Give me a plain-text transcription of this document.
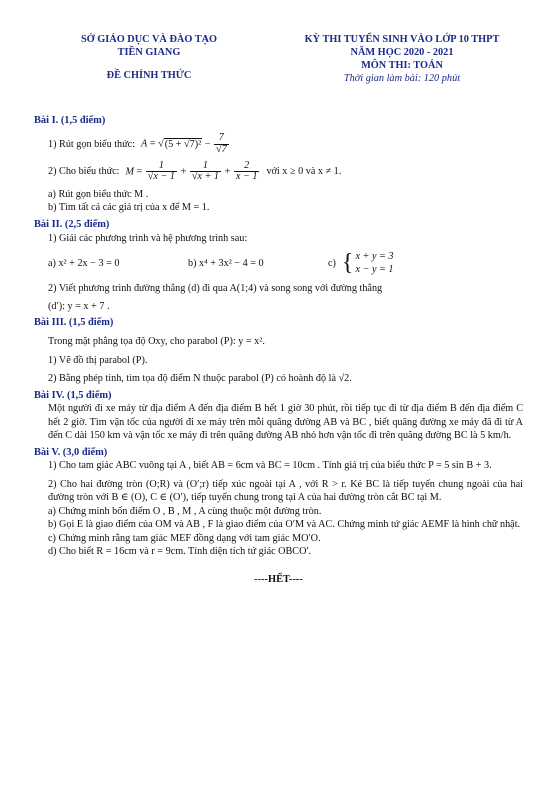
SỞ GIÁO DỤC VÀ ĐÀO TẠO
TIỀN GIANG
ĐỀ CHÍNH THỨC
KỲ THI TUYỂN SINH VÀO LỚP 10 THPT
NĂM HỌC 2020 - 2021
MÔN THI: TOÁN
Thời gian làm bài: 120 phút
Bài I. (1,5 điểm)
1) Rút gọn biểu thức: $A = √(5 + √7)^2 - \frac{7}{√7}$
2) Cho biểu thức: $M = \frac{1}{√x - 1} + \frac{1}{√x + 1} + \frac{2}{x - 1}$ với x ≥ 0 và x ≠ 1.
a) Rút gọn biểu thức M .
b) Tìm tất cả các giá trị của x để M = 1.
Bài II. (2,5 điểm)
1) Giải các phương trình và hệ phương trình sau:
a) x² + 2x − 3 = 0	b) x⁴ + 3x² − 4 = 0	c) { x + y = 3
x − y = 1
2) Viết phương trình đường thẳng (d) đi qua A(1;4) và song song với đường thẳng
(d′): y = x + 7 .
Bài III. (1,5 điểm)
Trong mặt phẳng tọa độ Oxy, cho parabol (P): y = x².
1) Vẽ đồ thị parabol (P).
2) Bằng phép tính, tìm tọa độ điểm N thuộc parabol (P) có hoành độ là √2.
Bài IV. (1,5 điểm)
Một người đi xe máy từ địa điểm A đến địa điểm B hết 1 giờ 30 phút, rồi tiếp tục đi từ địa điểm B đến địa điểm C hết 2 giờ. Tìm vận tốc của người đi xe máy trên mỗi quãng đường AB và BC , biết quãng đường xe máy đã đi từ A đến C dài 150 km và vận tốc xe máy đi trên quãng đường AB nhỏ hơn vận tốc đi trên quãng đường BC là 5 km/h.
Bài V. (3,0 điểm)
1) Cho tam giác ABC vuông tại A , biết AB = 6cm và BC = 10cm . Tính giá trị của biểu thức P = 5 sin B + 3.
2) Cho hai đường tròn (O;R) và (O′;r) tiếp xúc ngoài tại A , với R > r. Kẻ BC là tiếp tuyến chung ngoài của hai đường tròn với B ∈ (O), C ∈ (O′), tiếp tuyến chung trong tại A của hai đường tròn cắt BC tại M.
a) Chứng minh bốn điểm O , B , M , A cùng thuộc một đường tròn.
b) Gọi E là giao điểm của OM và AB , F là giao điểm của O′M và AC. Chứng minh tứ giác AEMF là hình chữ nhật.
c) Chứng minh rằng tam giác MEF đồng dạng với tam giác MO′O.
d) Cho biết R = 16cm và r = 9cm. Tính diện tích tứ giác OBCO′.
----HẾT----
